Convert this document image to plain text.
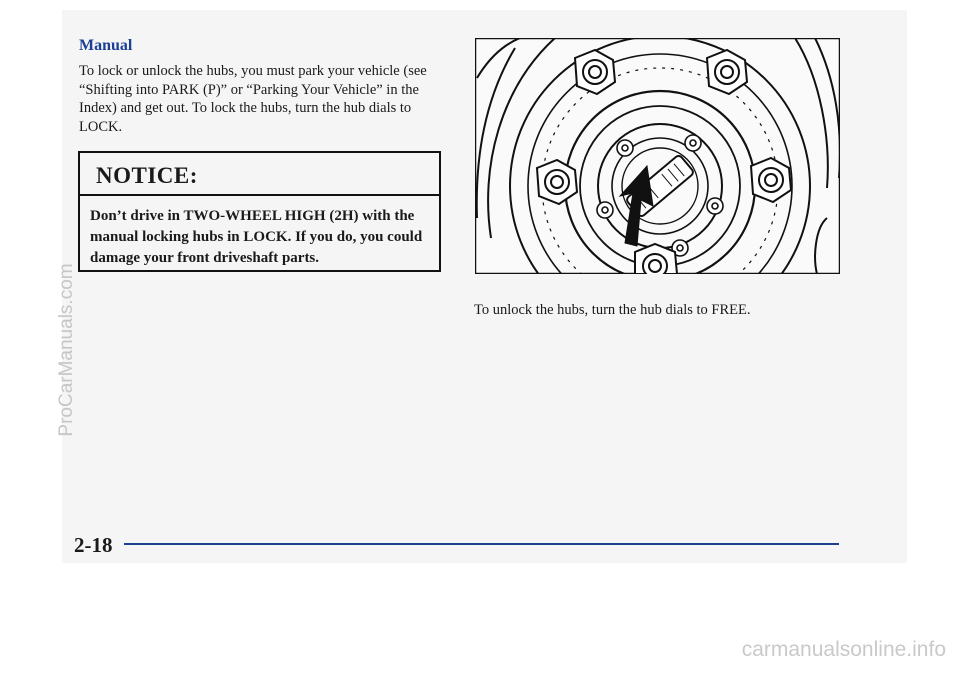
Manual

To lock or unlock the hubs, you must park your vehicle (see “Shifting into PARK (P)” or “Parking Your Vehicle” in the Index) and get out. To lock the hubs, turn the hub dials to LOCK.

NOTICE:

Don’t drive in TWO-WHEEL HIGH (2H) with the manual locking hubs in LOCK. If you do, you could damage your front driveshaft parts.

To unlock the hubs, turn the hub dials to FREE.

2-18
ProCarManuals.com
carmanualsonline.info
